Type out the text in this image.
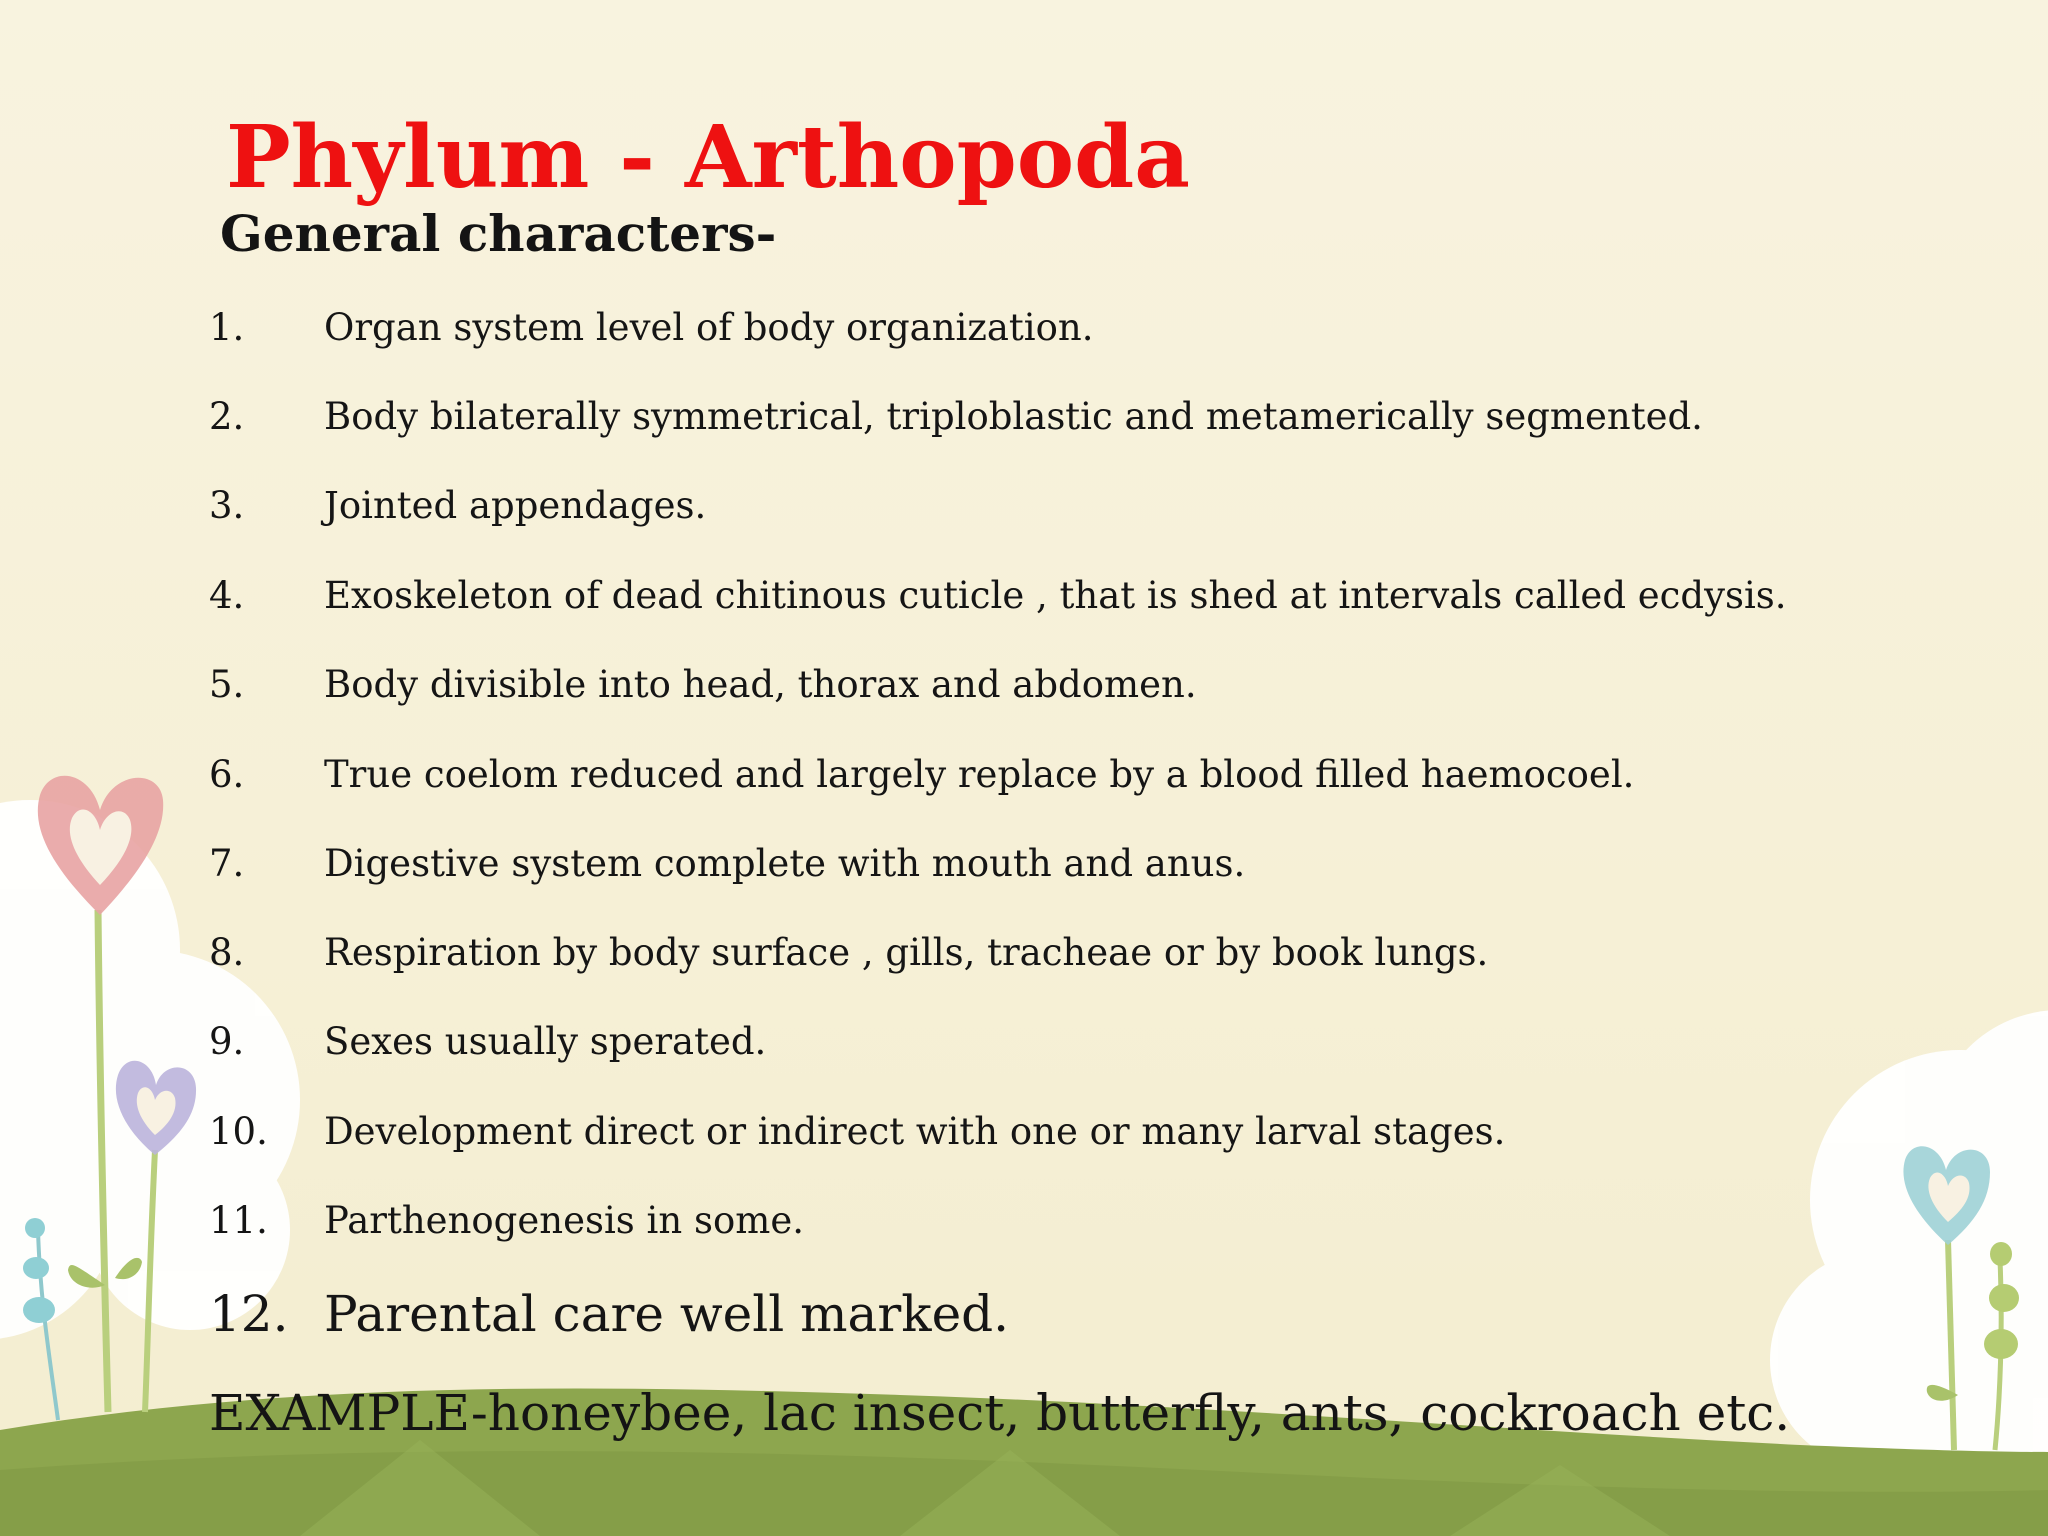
Phylum - Arthopoda
General characters-
1. Organ system level of body organization.
2. Body bilaterally symmetrical, triploblastic and metamerically segmented.
3. Jointed appendages.
4. Exoskeleton of dead chitinous cuticle , that is shed at intervals called ecdysis.
5. Body divisible into head, thorax and abdomen.
6. True coelom reduced and largely replace by a blood filled haemocoel.
7. Digestive system complete with mouth and anus.
8. Respiration by body surface , gills, tracheae or by book lungs.
9. Sexes usually sperated.
10. Development direct or indirect with one or many larval stages.
11. Parthenogenesis in some.
12. Parental care well marked.

EXAMPLE-honeybee, lac insect, butterfly, ants, cockroach etc.
